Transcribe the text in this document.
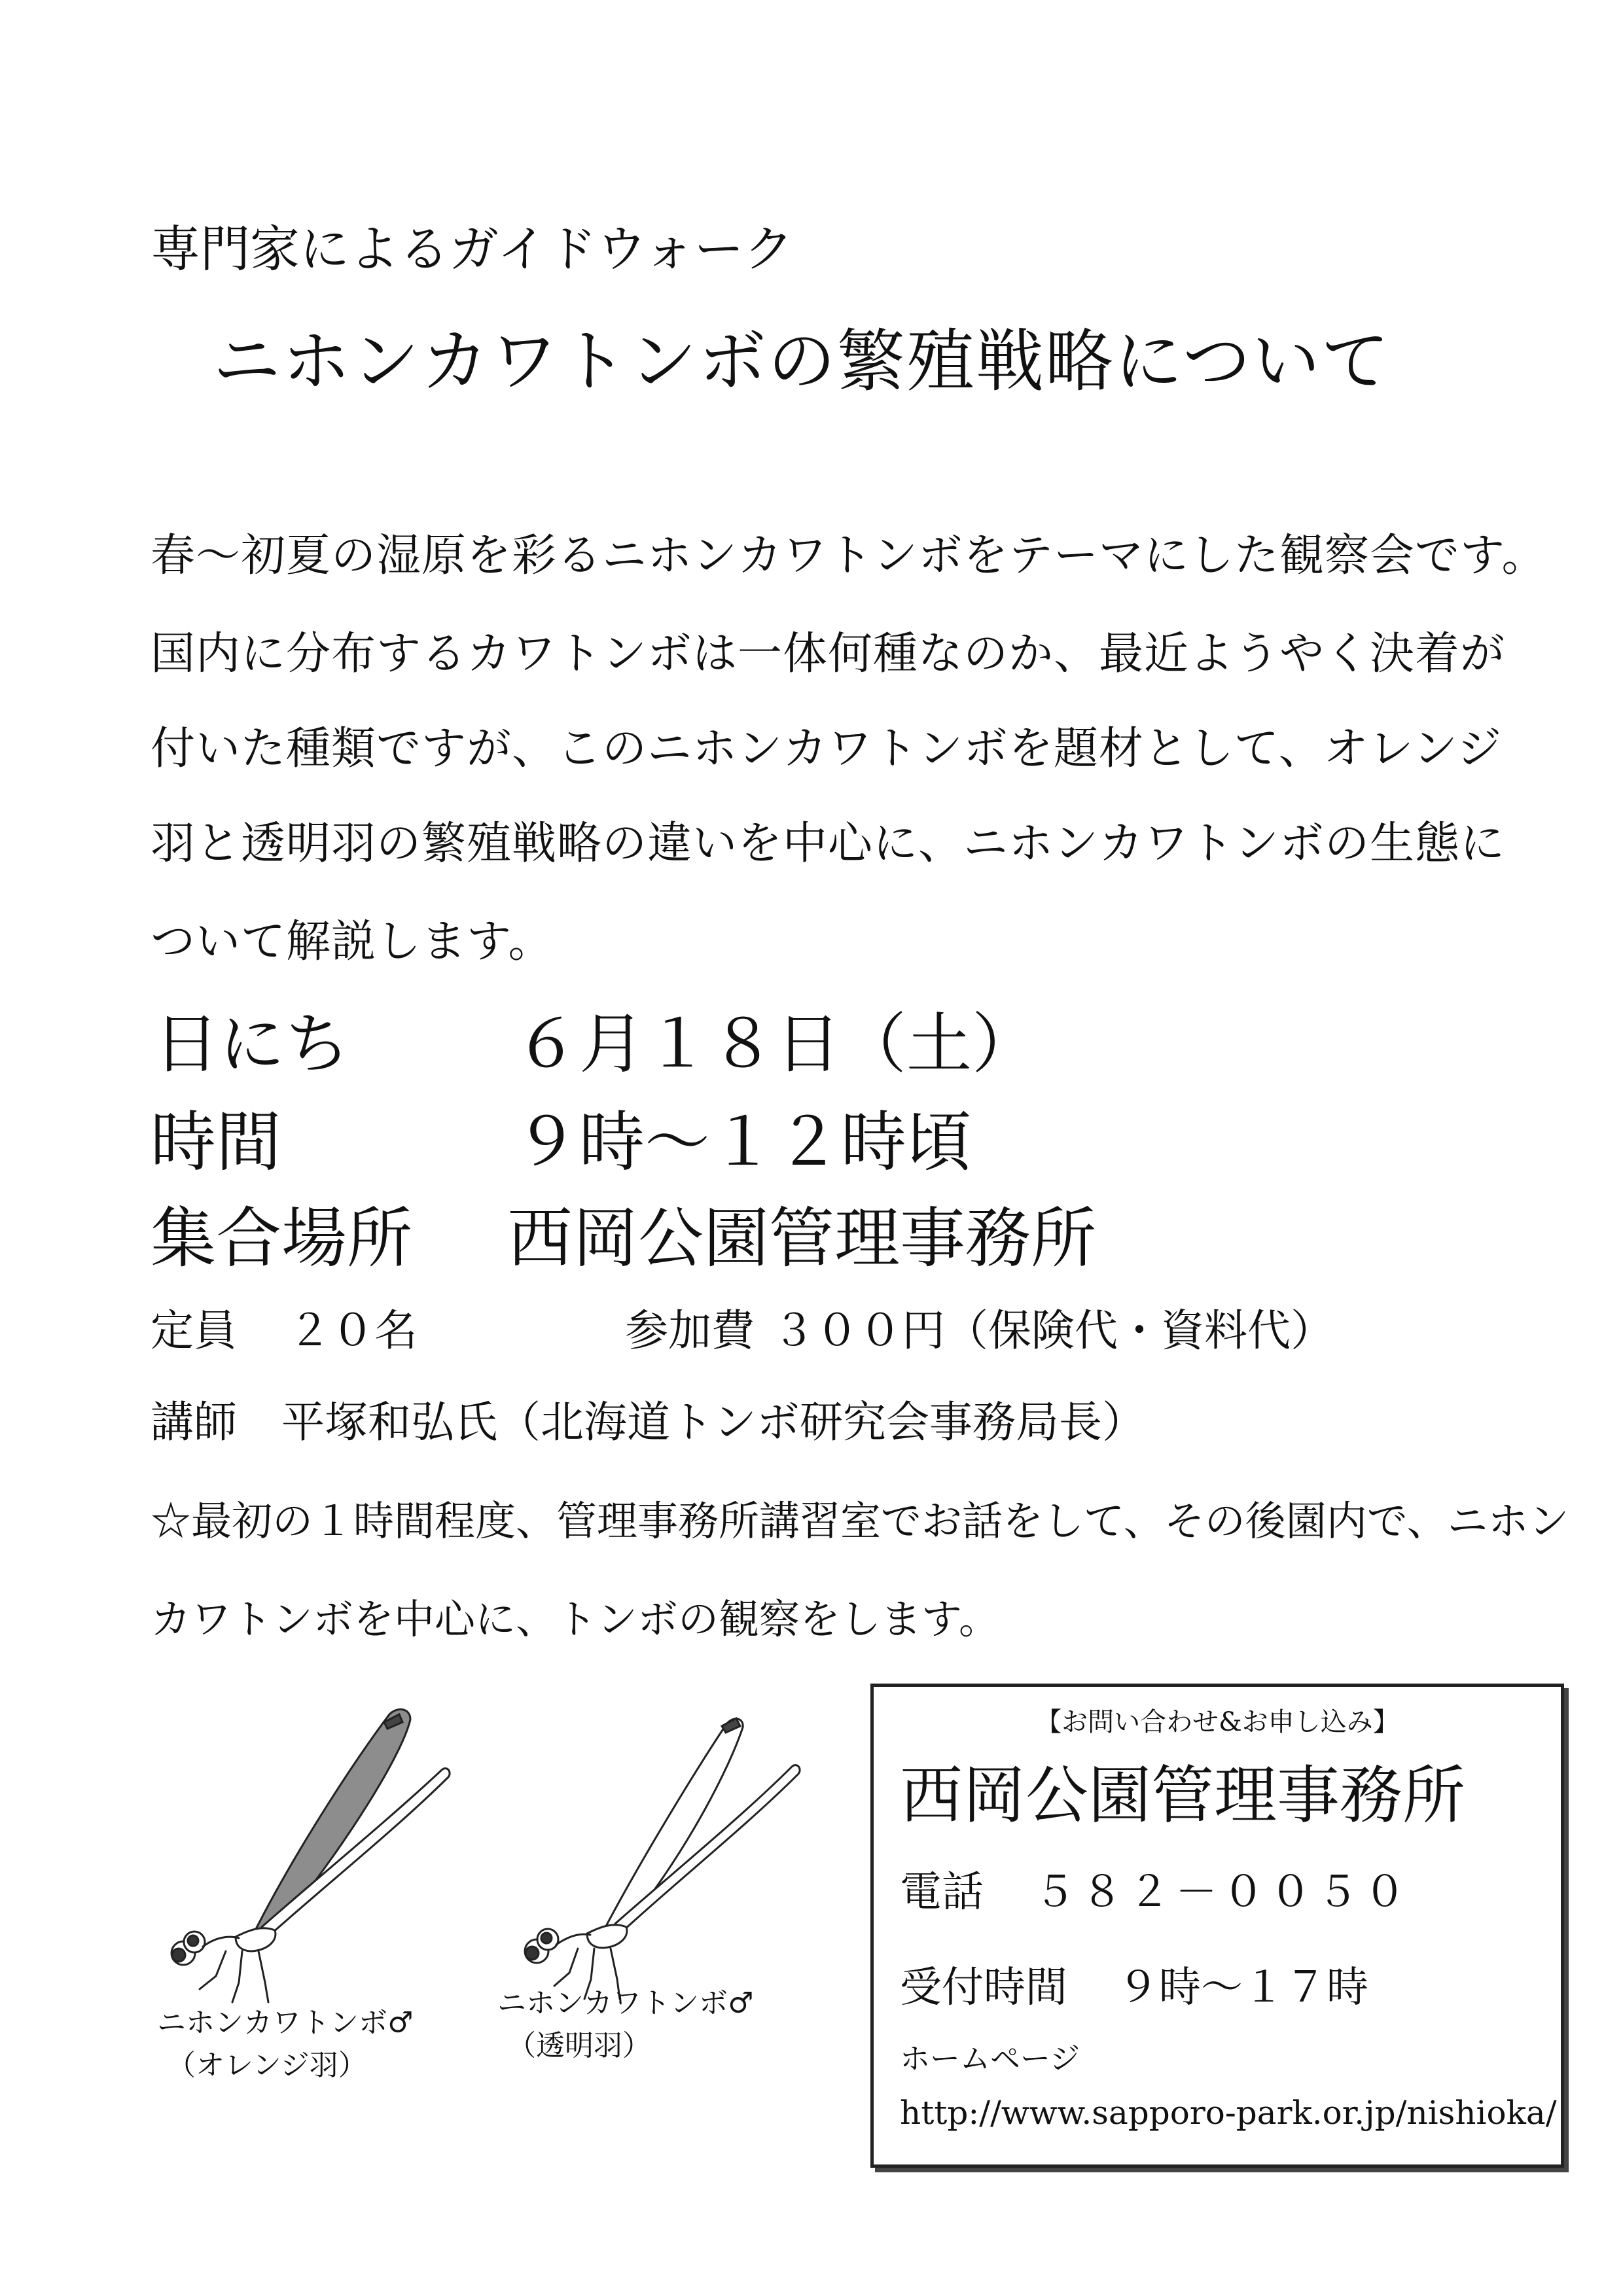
専門家によるガイドウォーク
ニホンカワトンボの繁殖戦略について
春～初夏の湿原を彩るニホンカワトンボをテーマにした観察会です。
国内に分布するカワトンボは一体何種なのか、最近ようやく決着が
付いた種類ですが、このニホンカワトンボを題材として、オレンジ
羽と透明羽の繁殖戦略の違いを中心に、ニホンカワトンボの生態に
ついて解説します。
日にち	６月１８日（土）
時間	９時～１２時頃
集合場所 西岡公園管理事務所
定員 ２０名	参加費 ３００円（保険代・資料代）
講師 平塚和弘氏（北海道トンボ研究会事務局長）
☆最初の１時間程度、管理事務所講習室でお話をして、その後園内で、ニホン
カワトンボを中心に、トンボの観察をします。
ニホンカワトンボ♂
（オレンジ羽）
ニホンカワトンボ♂
（透明羽）
【お問い合わせ&お申し込み】
西岡公園管理事務所
電話 ５８２－００５０
受付時間 ９時～１７時
ホームページ
http://www.sapporo-park.or.jp/nishioka/
